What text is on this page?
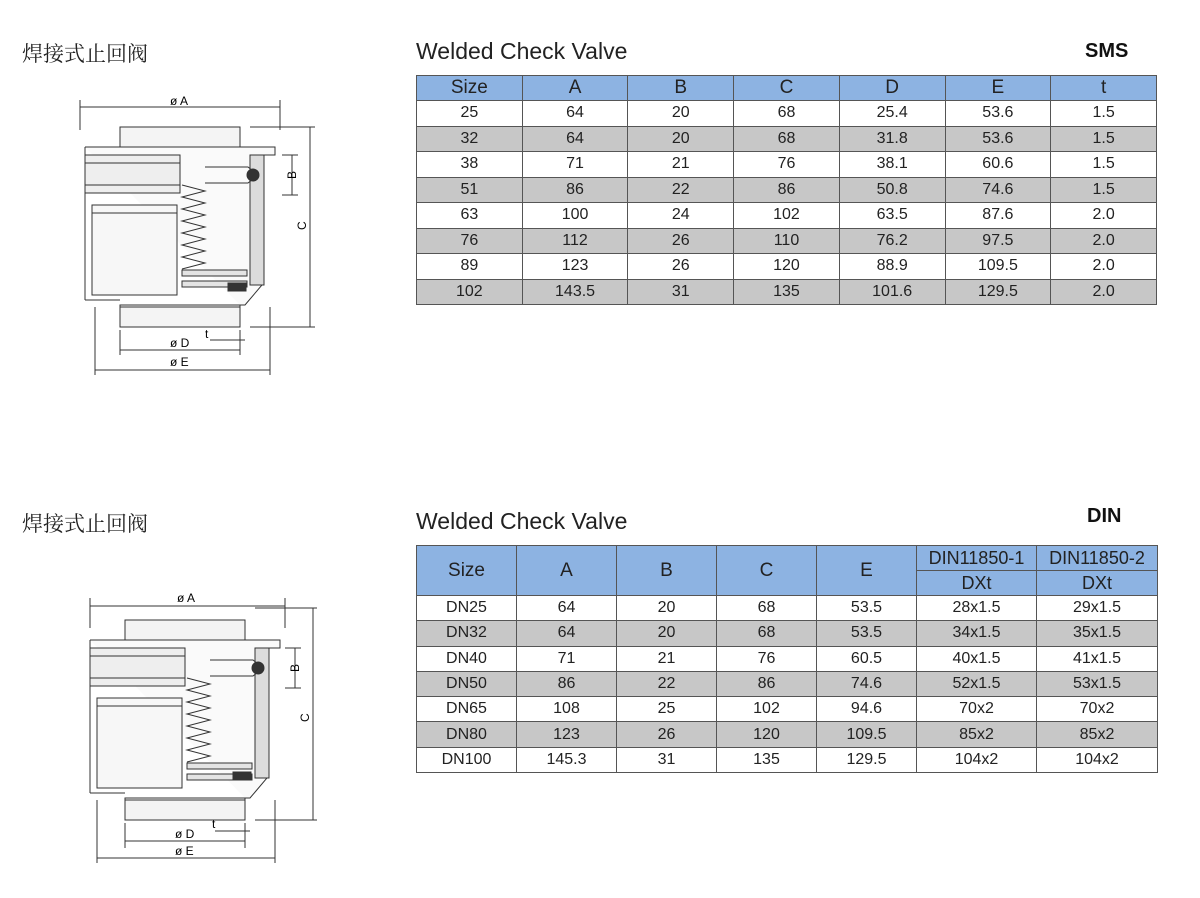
焊接式止回阀	Welded Check Valve	SMS
ø A
B
C
t
ø D
ø E
Size	A	B	C	D	E	t
25	64	20	68	25.4	53.6	1.5
32	64	20	68	31.8	53.6	1.5
38	71	21	76	38.1	60.6	1.5
51	86	22	86	50.8	74.6	1.5
63	100	24	102	63.5	87.6	2.0
76	112	26	110	76.2	97.5	2.0
89	123	26	120	88.9	109.5	2.0
102	143.5	31	135	101.6	129.5	2.0
焊接式止回阀	Welded Check Valve	DIN
ø A
B
C
t
ø D
ø E
Size	A	B	C	E	DIN11850-1	DIN11850-2
					DXt	DXt
DN25	64	20	68	53.5	28x1.5	29x1.5
DN32	64	20	68	53.5	34x1.5	35x1.5
DN40	71	21	76	60.5	40x1.5	41x1.5
DN50	86	22	86	74.6	52x1.5	53x1.5
DN65	108	25	102	94.6	70x2	70x2
DN80	123	26	120	109.5	85x2	85x2
DN100	145.3	31	135	129.5	104x2	104x2
